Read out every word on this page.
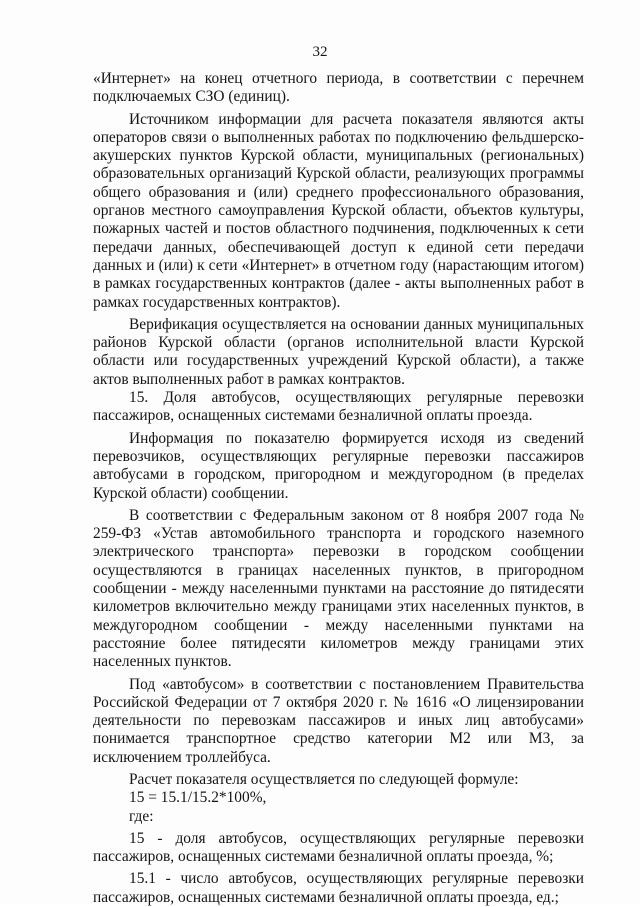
32

«Интернет» на конец отчетного периода, в соответствии с перечнем подключаемых СЗО (единиц).

Источником информации для расчета показателя являются акты операторов связи о выполненных работах по подключению фельдшерско-акушерских пунктов Курской области, муниципальных (региональных) образовательных организаций Курской области, реализующих программы общего образования и (или) среднего профессионального образования, органов местного самоуправления Курской области, объектов культуры, пожарных частей и постов областного подчинения, подключенных к сети передачи данных, обеспечивающей доступ к единой сети передачи данных и (или) к сети «Интернет» в отчетном году (нарастающим итогом) в рамках государственных контрактов (далее - акты выполненных работ в рамках государственных контрактов).

Верификация осуществляется на основании данных муниципальных районов Курской области (органов исполнительной власти Курской области или государственных учреждений Курской области), а также актов выполненных работ в рамках контрактов.

15. Доля автобусов, осуществляющих регулярные перевозки пассажиров, оснащенных системами безналичной оплаты проезда.

Информация по показателю формируется исходя из сведений перевозчиков, осуществляющих регулярные перевозки пассажиров автобусами в городском, пригородном и междугородном (в пределах Курской области) сообщении.

В соответствии с Федеральным законом от 8 ноября 2007 года № 259-ФЗ «Устав автомобильного транспорта и городского наземного электрического транспорта» перевозки в городском сообщении осуществляются в границах населенных пунктов, в пригородном сообщении - между населенными пунктами на расстояние до пятидесяти километров включительно между границами этих населенных пунктов, в междугородном сообщении - между населенными пунктами на расстояние более пятидесяти километров между границами этих населенных пунктов.

Под «автобусом» в соответствии с постановлением Правительства Российской Федерации от 7 октября 2020 г. № 1616 «О лицензировании деятельности по перевозкам пассажиров и иных лиц автобусами» понимается транспортное средство категории М2 или М3, за исключением троллейбуса.

Расчет показателя осуществляется по следующей формуле:

15 = 15.1/15.2*100%,

где:

15 - доля автобусов, осуществляющих регулярные перевозки пассажиров, оснащенных системами безналичной оплаты проезда, %;

15.1 - число автобусов, осуществляющих регулярные перевозки пассажиров, оснащенных системами безналичной оплаты проезда, ед.;
